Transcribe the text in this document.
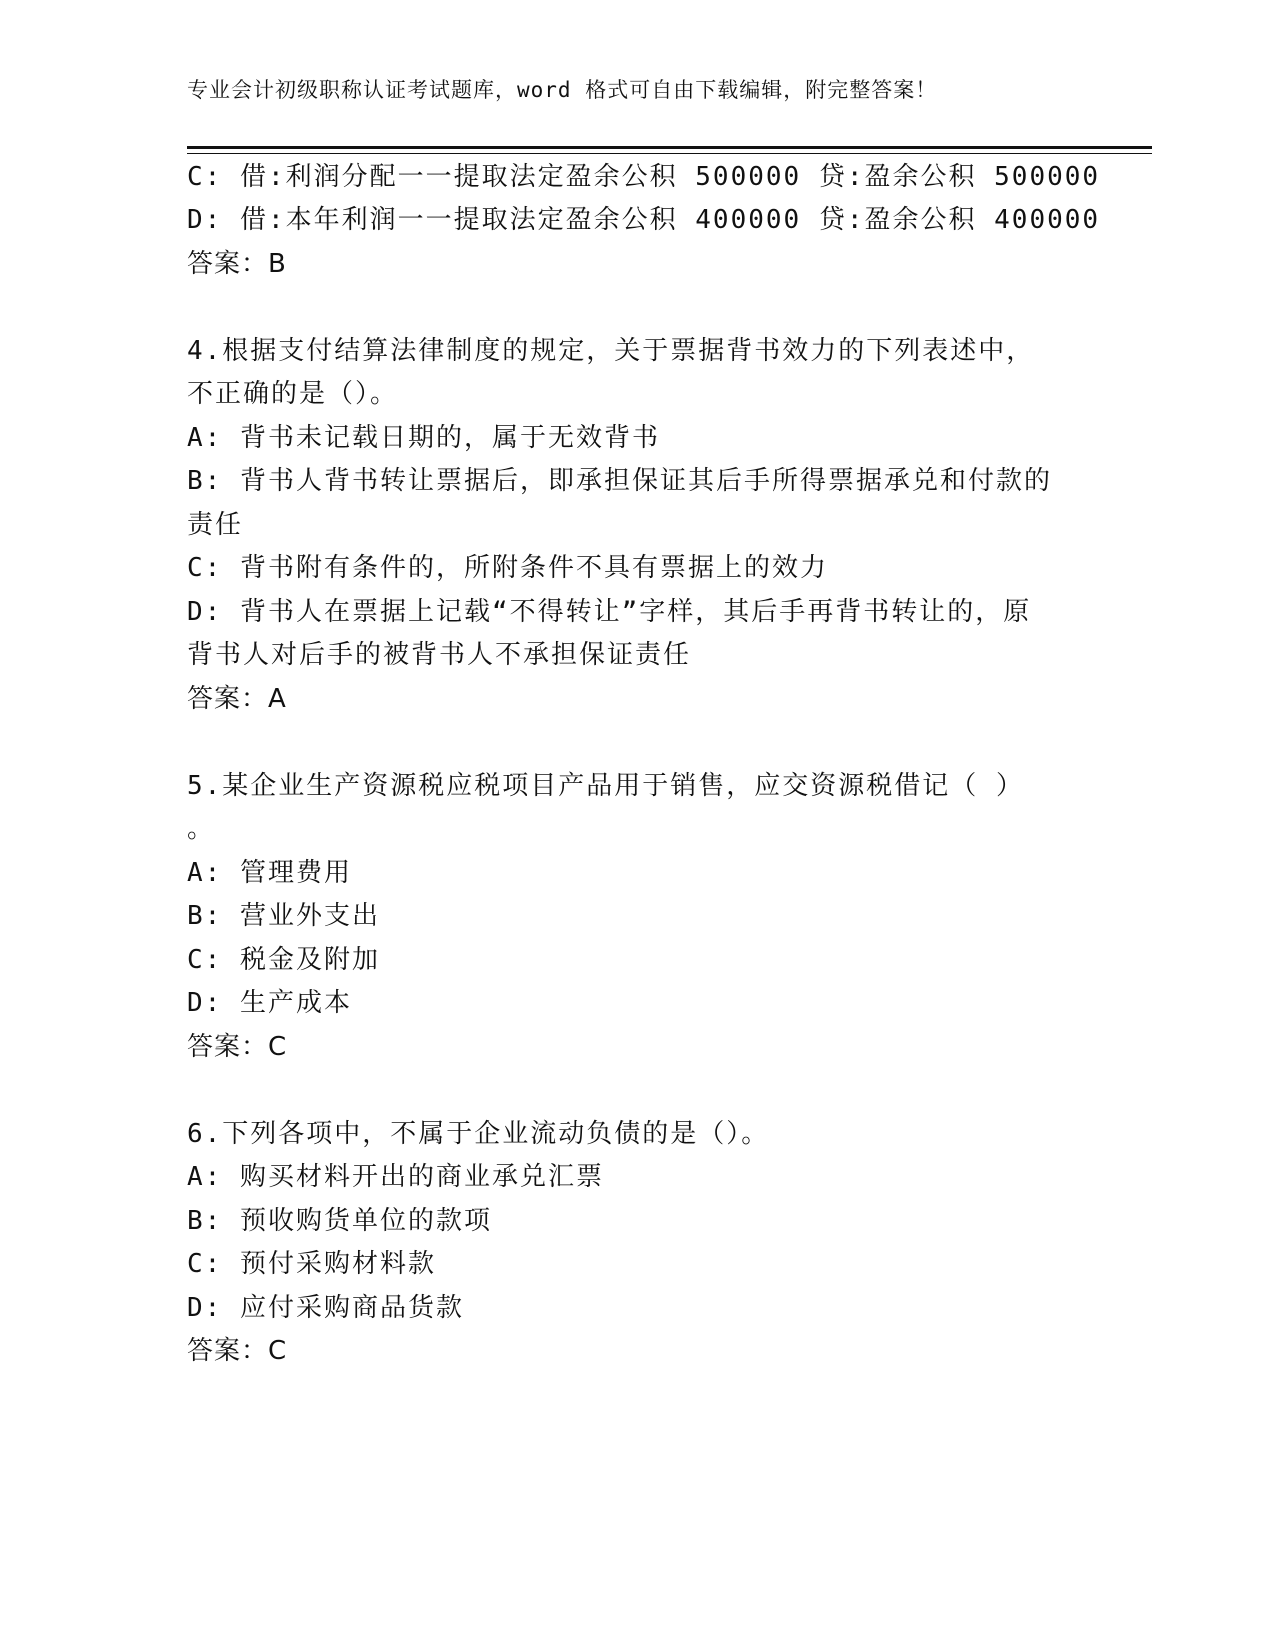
专业会计初级职称认证考试题库，word 格式可自由下载编辑，附完整答案！
C: 借:利润分配一一提取法定盈余公积 500000 贷:盈余公积 500000
D: 借:本年利润一一提取法定盈余公积 400000 贷:盈余公积 400000
答案：B
4.根据支付结算法律制度的规定，关于票据背书效力的下列表述中，
不正确的是（）。
A: 背书未记载日期的，属于无效背书
B: 背书人背书转让票据后，即承担保证其后手所得票据承兑和付款的
责任
C: 背书附有条件的，所附条件不具有票据上的效力
D: 背书人在票据上记载“不得转让”字样，其后手再背书转让的，原
背书人对后手的被背书人不承担保证责任
答案：A
5.某企业生产资源税应税项目产品用于销售，应交资源税借记（ ）
。
A: 管理费用
B: 营业外支出
C: 税金及附加
D: 生产成本
答案：C
6.下列各项中，不属于企业流动负债的是（）。
A: 购买材料开出的商业承兑汇票
B: 预收购货单位的款项
C: 预付采购材料款
D: 应付采购商品货款
答案：C
